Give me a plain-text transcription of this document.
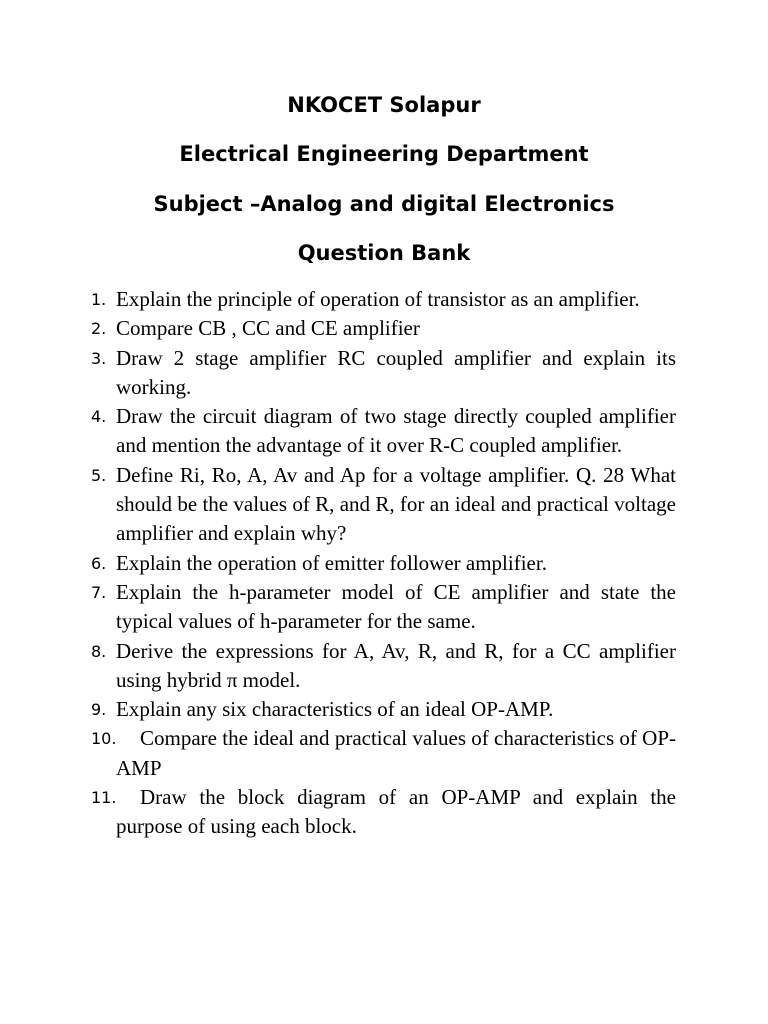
NKOCET Solapur
Electrical Engineering Department
Subject –Analog and digital Electronics
Question Bank
1. Explain the principle of operation of transistor as an amplifier.
2. Compare CB , CC and CE amplifier
3. Draw 2 stage amplifier RC coupled amplifier and explain its working.
4. Draw the circuit diagram of two stage directly coupled amplifier and mention the advantage of it over R-C coupled amplifier.
5. Define Ri, Ro, A, Av and Ap for a voltage amplifier. Q. 28 What should be the values of R, and R, for an ideal and practical voltage amplifier and explain why?
6. Explain the operation of emitter follower amplifier.
7. Explain the h-parameter model of CE amplifier and state the typical values of h-parameter for the same.
8. Derive the expressions for A, Av, R, and R, for a CC amplifier using hybrid π model.
9. Explain any six characteristics of an ideal OP-AMP.
10.	Compare the ideal and practical values of characteristics of OP-AMP
11.	Draw the block diagram of an OP-AMP and explain the purpose of using each block.
